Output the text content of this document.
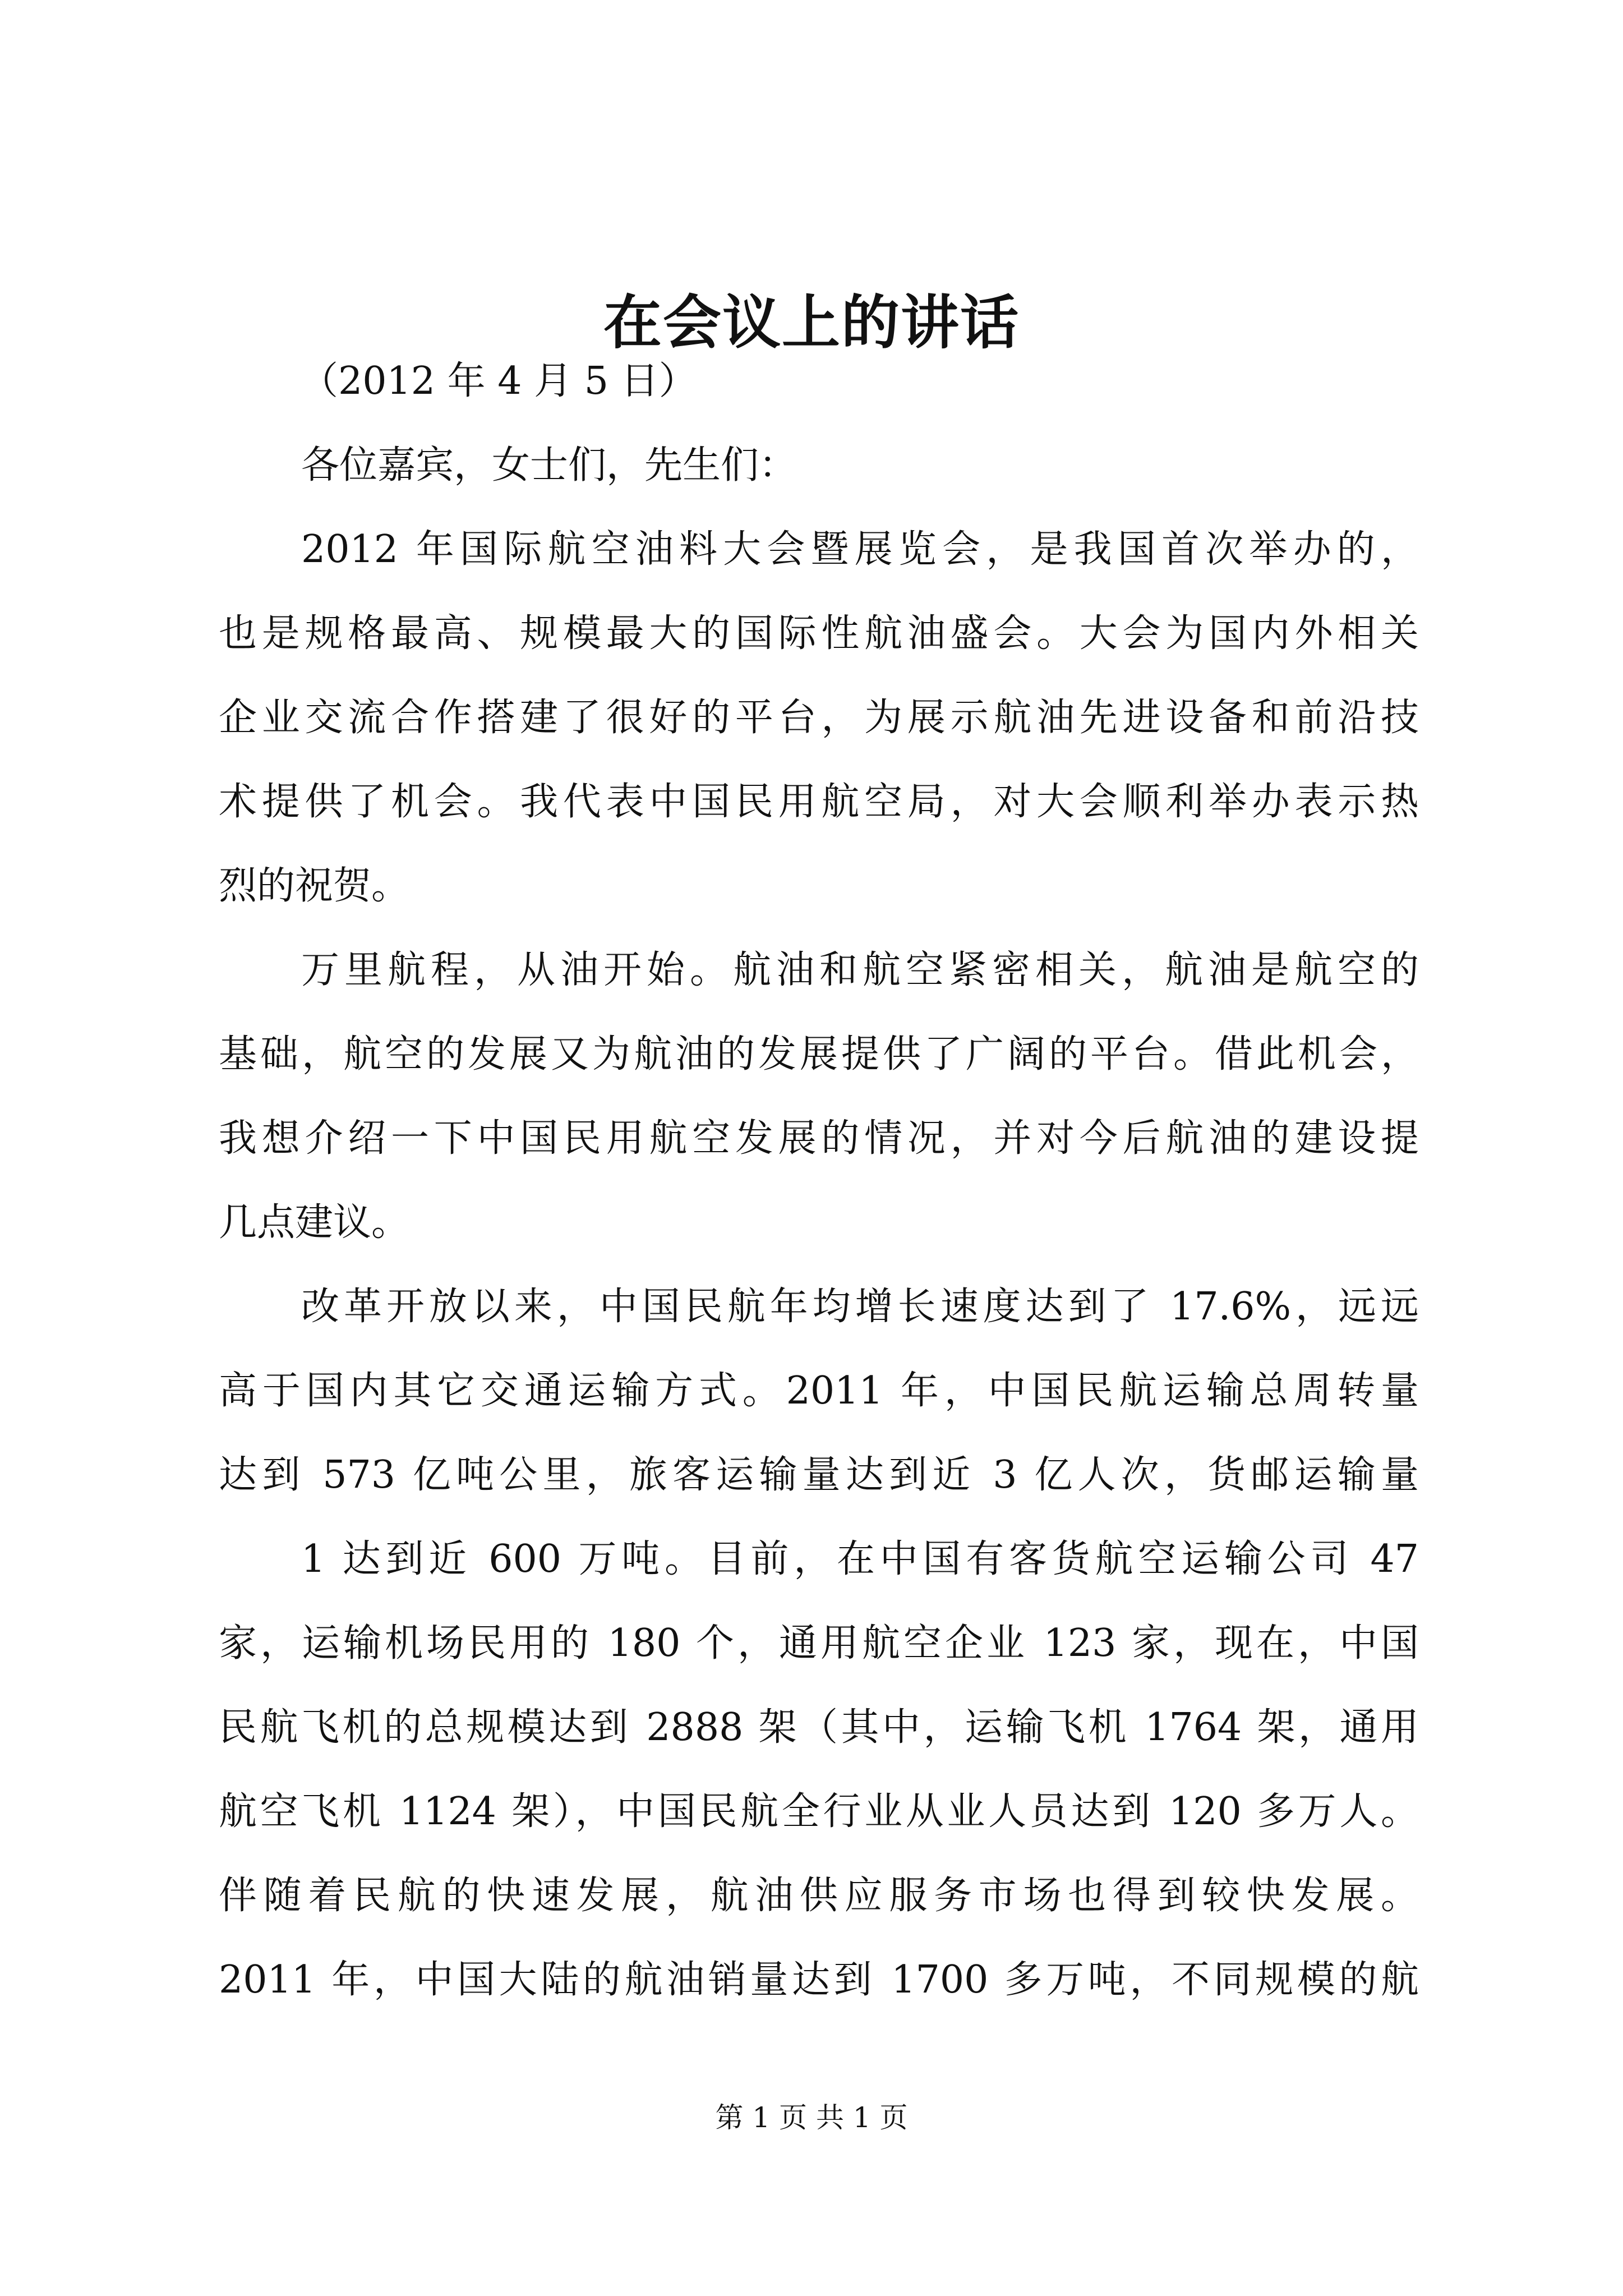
在会议上的讲话

（2012 年 4 月 5 日）

各位嘉宾，女士们，先生们：

2012 年国际航空油料大会暨展览会，是我国首次举办的，

也是规格最高、规模最大的国际性航油盛会。大会为国内外相关

企业交流合作搭建了很好的平台，为展示航油先进设备和前沿技

术提供了机会。我代表中国民用航空局，对大会顺利举办表示热

烈的祝贺。

万里航程，从油开始。航油和航空紧密相关，航油是航空的

基础，航空的发展又为航油的发展提供了广阔的平台。借此机会，

我想介绍一下中国民用航空发展的情况，并对今后航油的建设提

几点建议。

改革开放以来，中国民航年均增长速度达到了 17.6%，远远

高于国内其它交通运输方式。2011 年，中国民航运输总周转量

达到 573 亿吨公里，旅客运输量达到近 3 亿人次，货邮运输量

1 达到近 600 万吨。目前，在中国有客货航空运输公司 47

家，运输机场民用的 180 个，通用航空企业 123 家，现在，中国

民航飞机的总规模达到 2888 架（其中，运输飞机 1764 架，通用

航空飞机 1124 架），中国民航全行业从业人员达到 120 多万人。

伴随着民航的快速发展，航油供应服务市场也得到较快发展。

2011 年，中国大陆的航油销量达到 1700 多万吨，不同规模的航

第 1 页 共 1 页
